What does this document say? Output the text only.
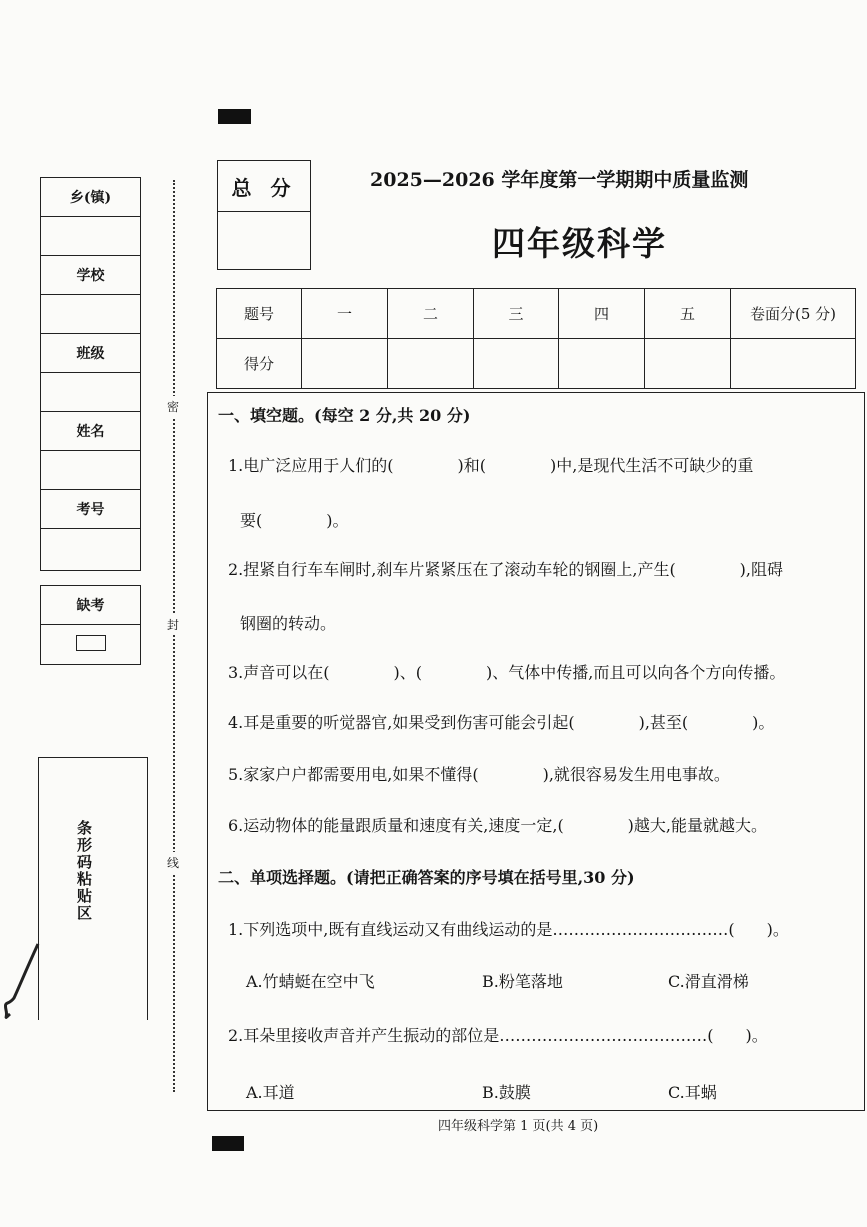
乡(镇)
学校
班级
姓名
考号
缺考
条形码粘贴区
密
封
线
总 分	2025—2026 学年度第一学期期中质量监测
四年级科学
题号	一	二	三	四	五	卷面分(5 分)
得分						
一、填空题。(每空 2 分,共 20 分)
1.电广泛应用于人们的(　　　　)和(　　　　)中,是现代生活不可缺少的重
要(　　　　)。
2.捏紧自行车车闸时,刹车片紧紧压在了滚动车轮的钢圈上,产生(　　　　),阻碍
钢圈的转动。
3.声音可以在(　　　　)、(　　　　)、气体中传播,而且可以向各个方向传播。
4.耳是重要的听觉器官,如果受到伤害可能会引起(　　　　),甚至(　　　　)。
5.家家户户都需要用电,如果不懂得(　　　　),就很容易发生用电事故。
6.运动物体的能量跟质量和速度有关,速度一定,(　　　　)越大,能量就越大。
二、单项选择题。(请把正确答案的序号填在括号里,30 分)
1.下列选项中,既有直线运动又有曲线运动的是……………………………(　　)。
A.竹蜻蜓在空中飞	B.粉笔落地	C.滑直滑梯
2.耳朵里接收声音并产生振动的部位是…………………………………(　　)。
A.耳道	B.鼓膜	C.耳蜗
四年级科学第 1 页(共 4 页)
